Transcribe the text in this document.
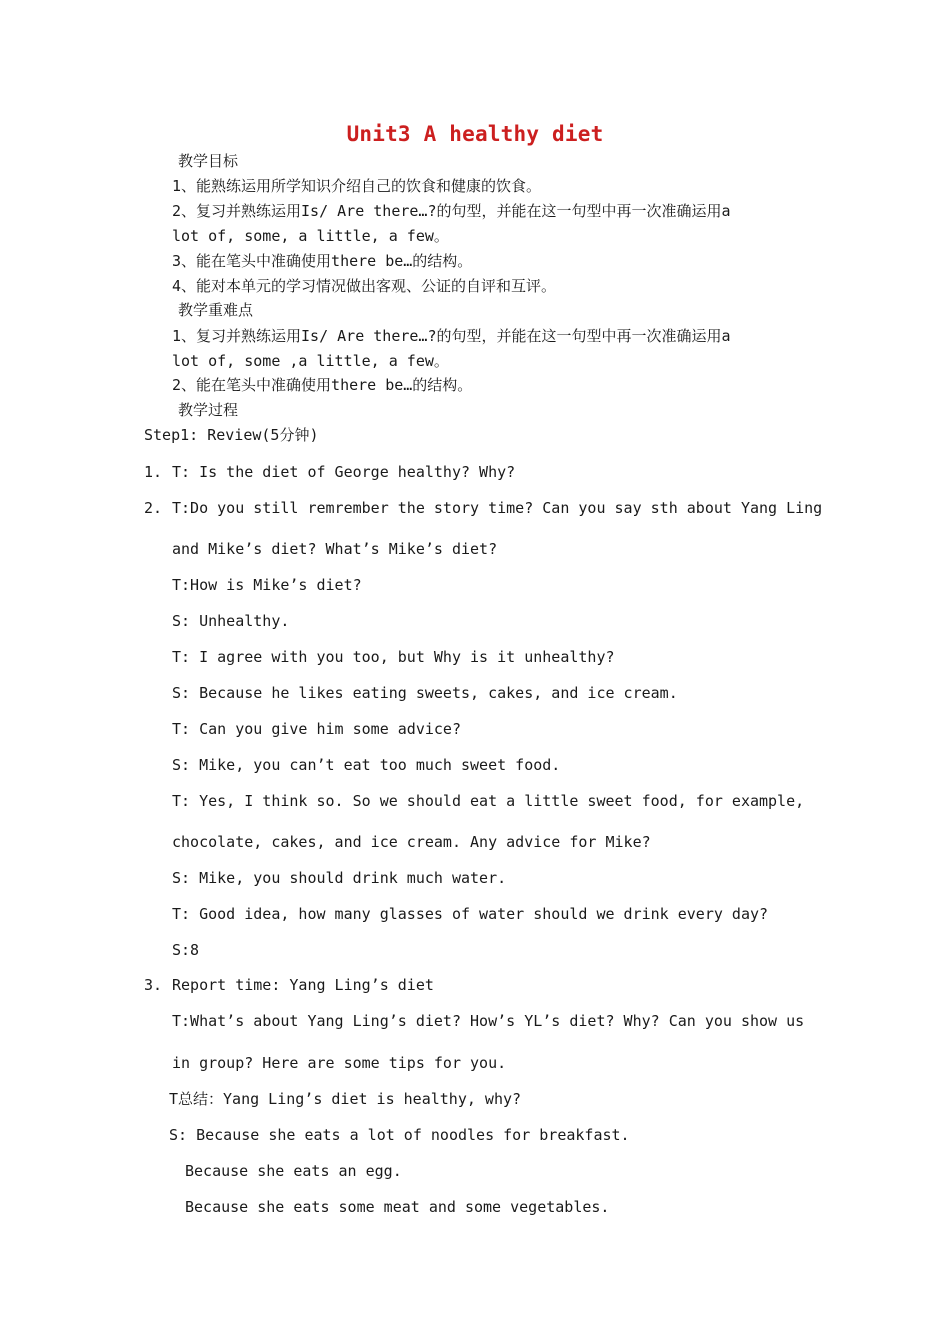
Unit3 A healthy diet
教学目标
1、能熟练运用所学知识介绍自己的饮食和健康的饮食。
2、复习并熟练运用Is/ Are there…?的句型，并能在这一句型中再一次准确运用a
lot of, some, a little, a few。
3、能在笔头中准确使用there be…的结构。
4、能对本单元的学习情况做出客观、公证的自评和互评。
教学重难点
1、复习并熟练运用Is/ Are there…?的句型，并能在这一句型中再一次准确运用a
lot of, some ,a little, a few。
2、能在笔头中准确使用there be…的结构。
教学过程
Step1: Review(5分钟)
1. T: Is the diet of George healthy? Why?
2. T:Do you still remrember the story time? Can you say sth about Yang Ling
and Mike’s diet? What’s Mike’s diet?
T:How is Mike’s diet?
S: Unhealthy.
T: I agree with you too, but Why is it unhealthy?
S: Because he likes eating sweets, cakes, and ice cream.
T: Can you give him some advice?
S: Mike, you can’t eat too much sweet food.
T: Yes, I think so. So we should eat a little sweet food, for example,
chocolate, cakes, and ice cream. Any advice for Mike?
S: Mike, you should drink much water.
T: Good idea, how many glasses of water should we drink every day?
S:8
3. Report time: Yang Ling’s diet
T:What’s about Yang Ling’s diet? How’s YL’s diet? Why? Can you show us
in group? Here are some tips for you.
T总结：Yang Ling’s diet is healthy, why?
S: Because she eats a lot of noodles for breakfast.
Because she eats an egg.
Because she eats some meat and some vegetables.
